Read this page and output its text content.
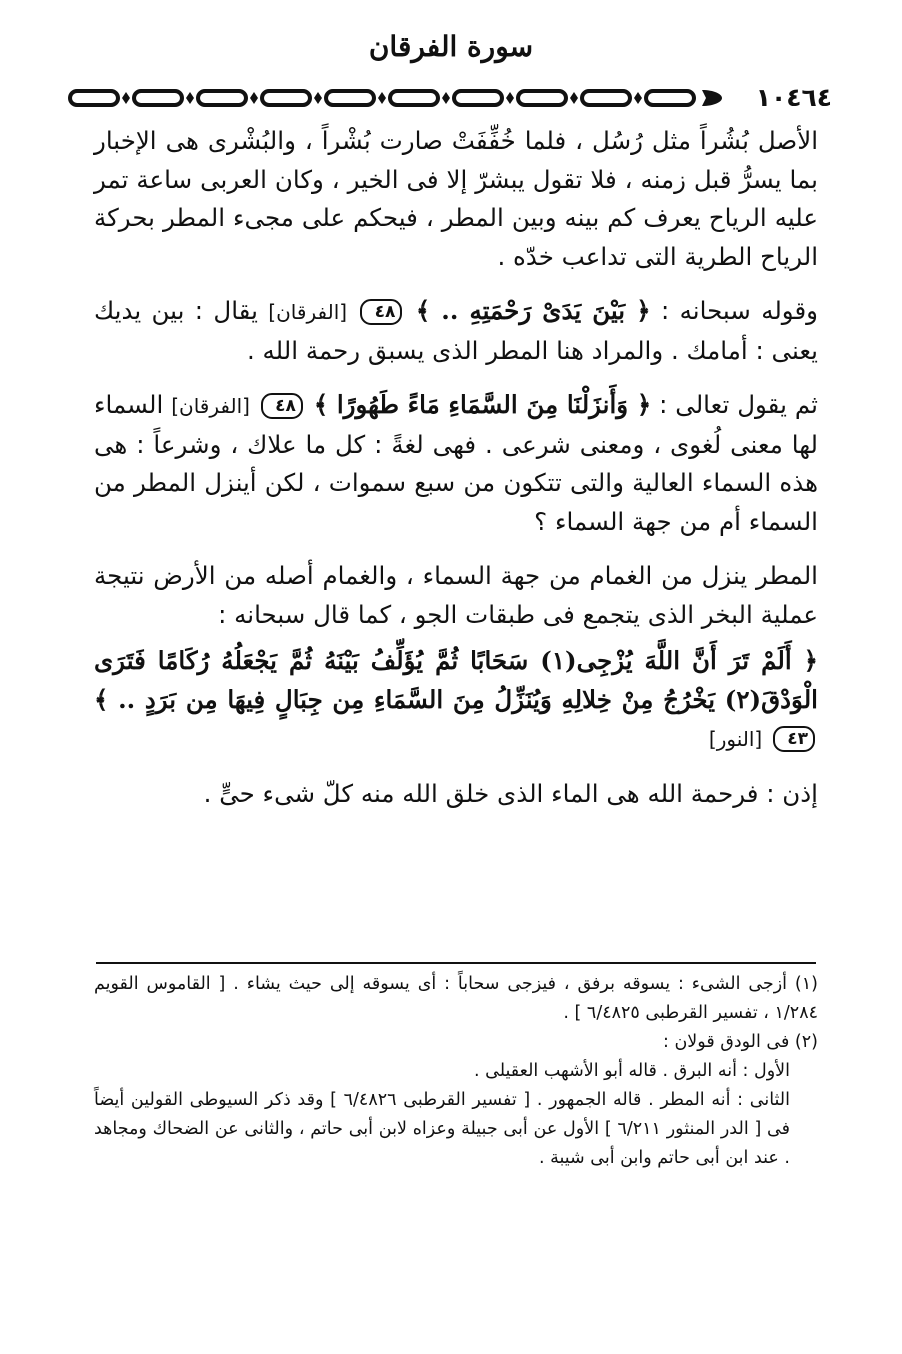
سورة الفرقان
١٠٤٦٤

الأصل بُشُراً مثل رُسُل ، فلما خُفِّفَتْ صارت بُشْراً ، والبُشْرى هى الإخبار بما يسرُّ قبل زمنه ، فلا تقول يبشرّ إلا فى الخير ، وكان العربى ساعة تمر عليه الرياح يعرف كم بينه وبين المطر ، فيحكم على مجىء المطر بحركة الرياح الطرية التى تداعب خدّه .

وقوله سبحانه : ﴿ بَيْنَ يَدَىْ رَحْمَتِهِ .. ﴾ ٤٨ [الفرقان] يقال : بين يديك يعنى : أمامك . والمراد هنا المطر الذى يسبق رحمة الله .

ثم يقول تعالى : ﴿ وَأَنزَلْنَا مِنَ السَّمَاءِ مَاءً طَهُورًا ﴾ ٤٨ [الفرقان] السماء لها معنى لُغوى ، ومعنى شرعى . فهى لغةً : كل ما علاك ، وشرعاً : هى هذه السماء العالية والتى تتكون من سبع سموات ، لكن أينزل المطر من السماء أم من جهة السماء ؟

المطر ينزل من الغمام من جهة السماء ، والغمام أصله من الأرض نتيجة عملية البخر الذى يتجمع فى طبقات الجو ، كما قال سبحانه :

﴿ أَلَمْ تَرَ أَنَّ اللَّهَ يُزْجِى(١) سَحَابًا ثُمَّ يُؤَلِّفُ بَيْنَهُ ثُمَّ يَجْعَلُهُ رُكَامًا فَتَرَى الْوَدْقَ(٢) يَخْرُجُ مِنْ خِلالِهِ وَيُنَزِّلُ مِنَ السَّمَاءِ مِن جِبَالٍ فِيهَا مِن بَرَدٍ .. ﴾ ٤٣ [النور]

إذن : فرحمة الله هى الماء الذى خلق الله منه كلّ شىء حىٍّ .

(١) أزجى الشىء : يسوقه برفق ، فيزجى سحاباً : أى يسوقه إلى حيث يشاء . [ القاموس القويم ١/٢٨٤ ، تفسير القرطبى ٦/٤٨٢٥ ] .

(٢) فى الودق قولان :

الأول : أنه البرق . قاله أبو الأشهب العقيلى .

الثانى : أنه المطر . قاله الجمهور . [ تفسير القرطبى ٦/٤٨٢٦ ] وقد ذكر السيوطى القولين أيضاً فى [ الدر المنثور ٦/٢١١ ] الأول عن أبى جبيلة وعزاه لابن أبى حاتم ، والثانى عن الضحاك ومجاهد . عند ابن أبى حاتم وابن أبى شيبة .
